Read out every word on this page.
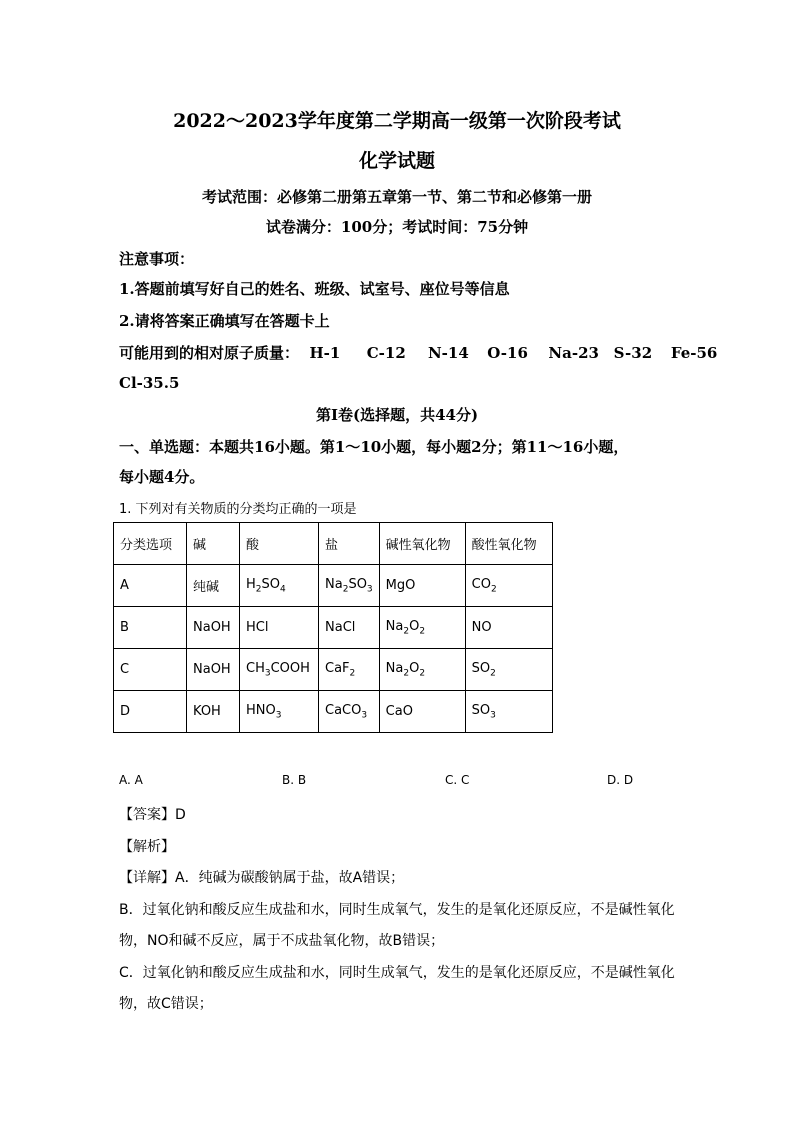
2022～2023学年度第二学期高一级第一次阶段考试
化学试题
考试范围：必修第二册第五章第一节、第二节和必修第一册
试卷满分：100分；考试时间：75分钟
注意事项：
1.答题前填写好自己的姓名、班级、试室号、座位号等信息
2.请将答案正确填写在答题卡上
可能用到的相对原子质量： H-1 C-12 N-14 O-16 Na-23 S-32 Fe-56
Cl-35.5
第I卷(选择题，共44分)
一、单选题：本题共16小题。第1～10小题，每小题2分；第11～16小题，
每小题4分。
1. 下列对有关物质的分类均正确的一项是
分类选项	碱	酸	盐	碱性氧化物	酸性氧化物
A	纯碱	$H_2SO_4$	$Na_2SO_3$	MgO	$CO_2$
B	NaOH	HCl	NaCl	$Na_2O_2$	NO
C	NaOH	$CH_3COOH$	CaF$_2$	$Na_2O_2$	$SO_2$
D	KOH	$HNO_3$	CaCO$_3$	CaO	$SO_3$
A. A	B. B	C. C	D. D
【答案】D
【解析】
【详解】A．纯碱为碳酸钠属于盐，故A错误；
B．过氧化钠和酸反应生成盐和水，同时生成氧气，发生的是氧化还原反应，不是碱性氧化
物，NO和碱不反应，属于不成盐氧化物，故B错误；
C．过氧化钠和酸反应生成盐和水，同时生成氧气，发生的是氧化还原反应，不是碱性氧化
物，故C错误；
